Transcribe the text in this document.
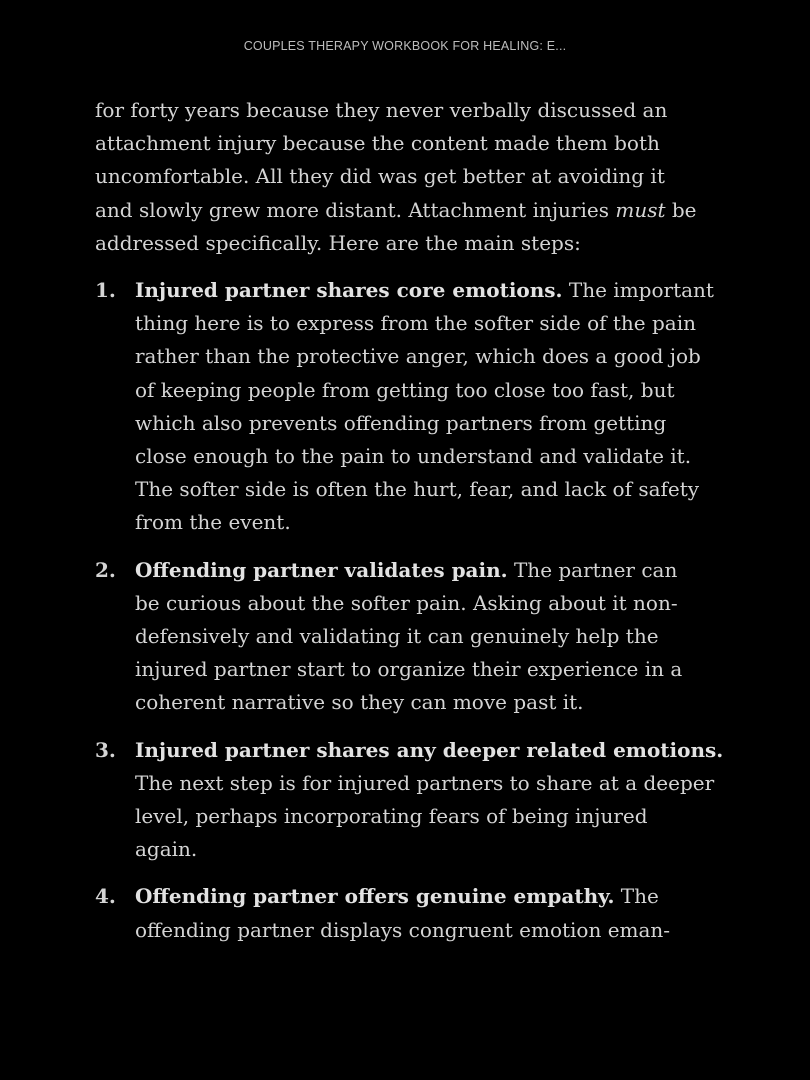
COUPLES THERAPY WORKBOOK FOR HEALING: E...

for forty years because they never verbally discussed an
attachment injury because the content made them both
uncomfortable. All they did was get better at avoiding it
and slowly grew more distant. Attachment injuries must be
addressed specifically. Here are the main steps:

1. Injured partner shares core emotions. The important
thing here is to express from the softer side of the pain
rather than the protective anger, which does a good job
of keeping people from getting too close too fast, but
which also prevents offending partners from getting
close enough to the pain to understand and validate it.
The softer side is often the hurt, fear, and lack of safety
from the event.
2. Offending partner validates pain. The partner can
be curious about the softer pain. Asking about it non-
defensively and validating it can genuinely help the
injured partner start to organize their experience in a
coherent narrative so they can move past it.
3. Injured partner shares any deeper related emotions.
The next step is for injured partners to share at a deeper
level, perhaps incorporating fears of being injured
again.
4. Offending partner offers genuine empathy. The
offending partner displays congruent emotion eman-
